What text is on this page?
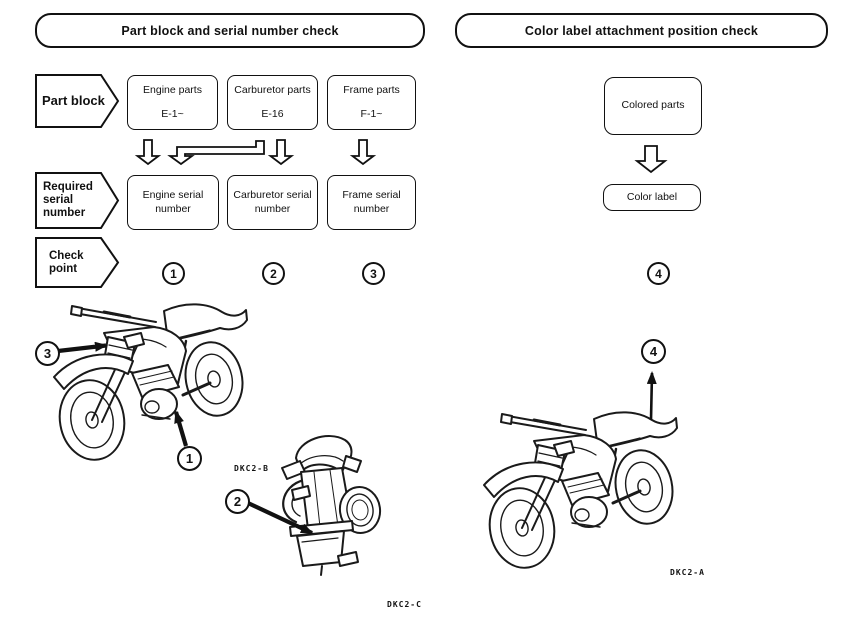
Part block and serial number check	Color label attachment position check
Part block
Required
serial
number
Check
point
Engine parts
E-1~
Carburetor parts
E-16
Frame parts
F-1~
Engine serial
number
Carburetor serial
number
Frame serial
number
1	2	3	4
Colored parts
Color label
3
1
2
4
DKC2-B
DKC2-C
DKC2-A
